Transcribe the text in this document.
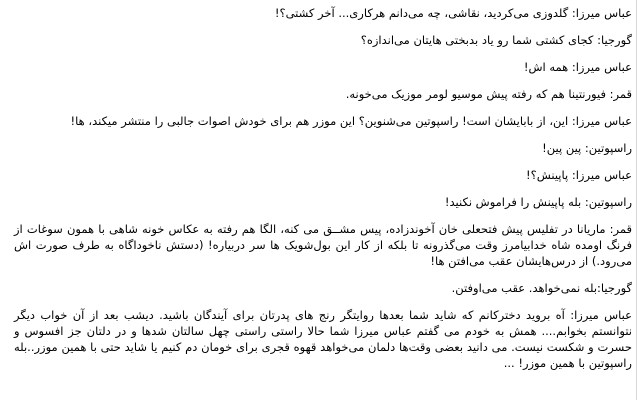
عباس میرزا: گلدوزی می‌کردید، نقاشی، چه می‌دانم هرکاری... آخر کشتی؟!

گورجیا: کجای کشتی شما رو یاد بدبختی هایتان می‌اندازه؟

عباس میرزا: همه اش!

قمر: فیورنتینا هم که رفته پیش موسیو لومر موزیک می‌خونه.

عباس میرزا: این، از بابایشان است! راسپوتین می‌شنوین؟ این موزر هم برای خودش اصوات جالبی را منتشر میکند، ها!

راسپوتین: پین پین!

عباس میرزا: پاپینش؟!

راسپوتین: بله پاپینش را فراموش نکنید!

قمر: ماریانا در تفلیس پیش فتحعلی خان آخوندزاده، پیس مشــق می کنه، الگا هم رفته به عکاس خونه شاهی با همون سوغات از فرنگ اومده شاه خدابیامرز وقت می‌گذرونه تا بلکه از کار این بول‌شویک ها سر دربیاره! (دستش ناخوداگاه به طرف صورت اش می‌رود.) از درس‌هایشان عقب می‌افتن ها!

گورجیا:بله نمی‌خواهد. عقب می‌اوفتن.

عباس میرزا: آه بروید دخترکانم که شاید شما بعدها روایتگر رنج های پدرتان برای آیندگان باشید. دیشب بعد از آن خواب دیگر نتوانستم بخوابم.... همش به خودم می گفتم عباس میرزا شما حالا راستی راستی چهل سالتان شدها و در دلتان جز افسوس و حسرت و شکست نیست. می دانید بعضی وقت‌ها دلمان می‌خواهد قهوه قجری برای خومان دم کنیم یا شاید حتی با همین موزر..بله راسپوتین با همین موزر! ...
